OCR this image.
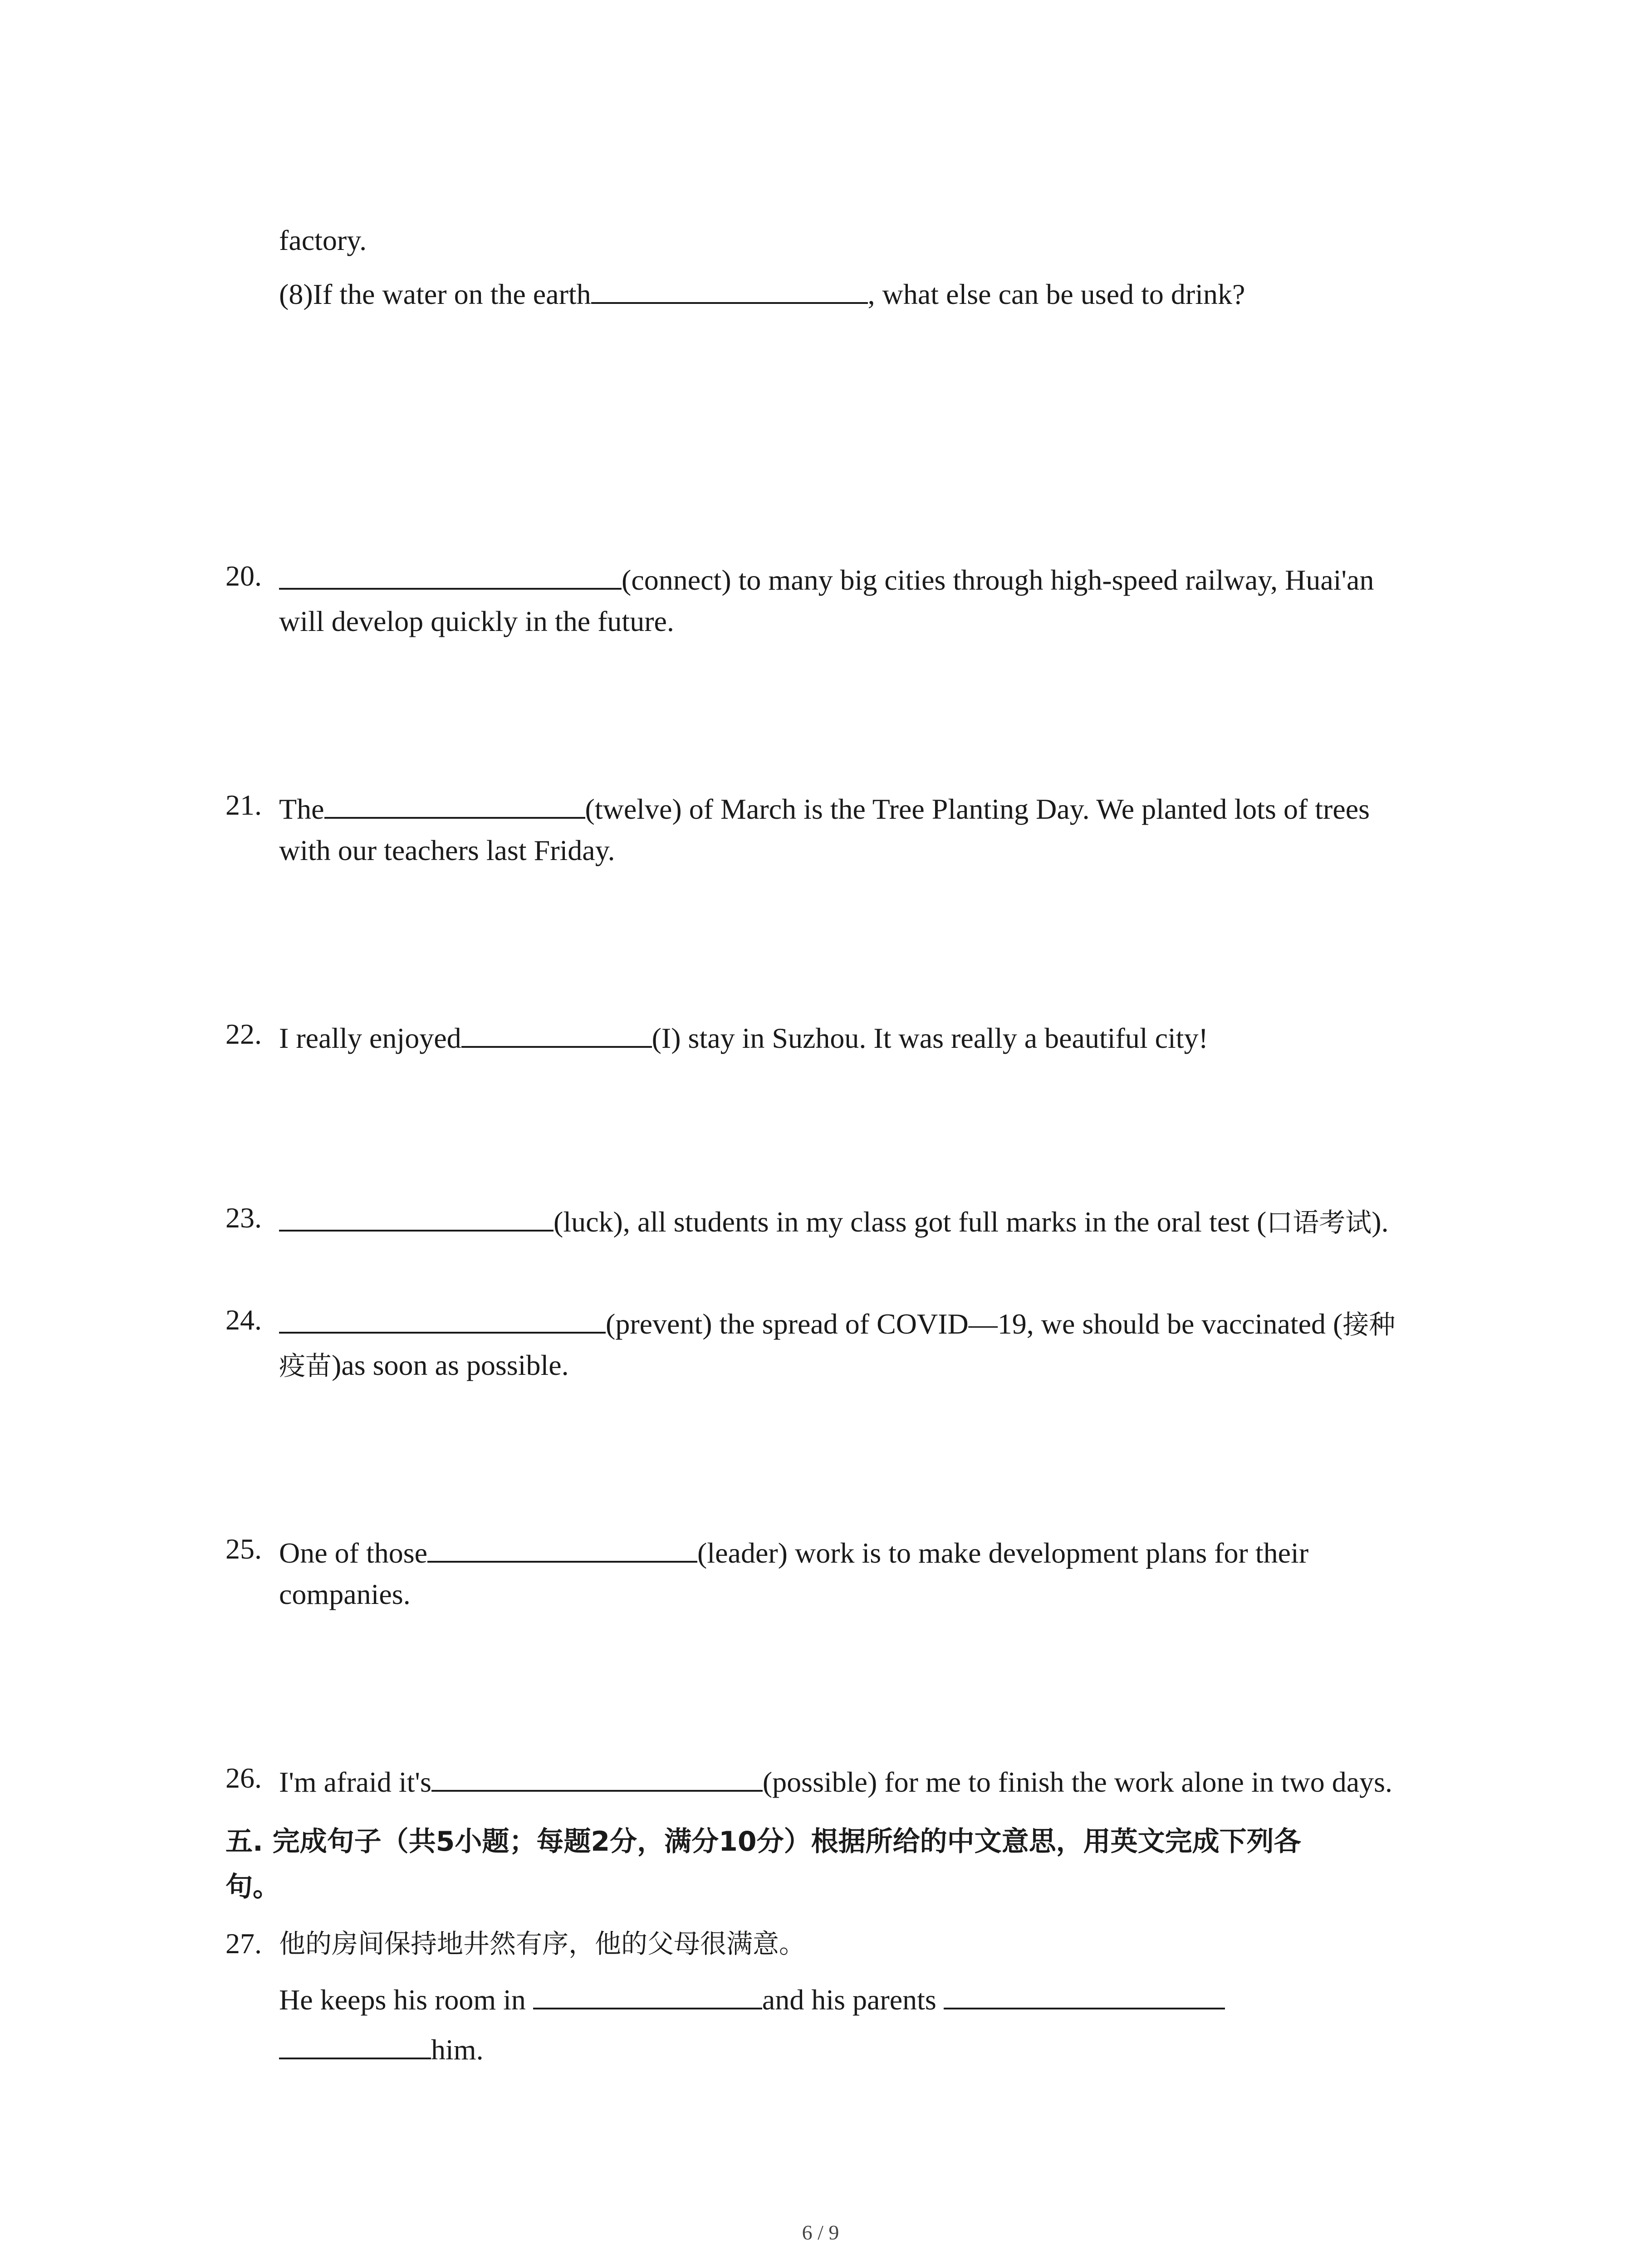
factory.
(8)If the water on the earth	, what else can be used to drink?
20.	(connect) to many big cities through high-speed railway, Huai'an
will develop quickly in the future.
21. The	(twelve) of March is the Tree Planting Day. We planted lots of trees
with our teachers last Friday.
22. I really enjoyed	(I) stay in Suzhou. It was really a beautiful city!
23.	(luck), all students in my class got full marks in the oral test (口语考试).
24.	(prevent) the spread of COVID—19, we should be vaccinated (接种
疫苗)as soon as possible.
25. One of those	(leader) work is to make development plans for their
companies.
26. I'm afraid it's	(possible) for me to finish the work alone in two days.
五. 完成句子（共5小题；每题2分，满分10分）根据所给的中文意思，用英文完成下列各
句。
27. 他的房间保持地井然有序，他的父母很满意。
He keeps his room in	and his parents
him.
6 / 9
